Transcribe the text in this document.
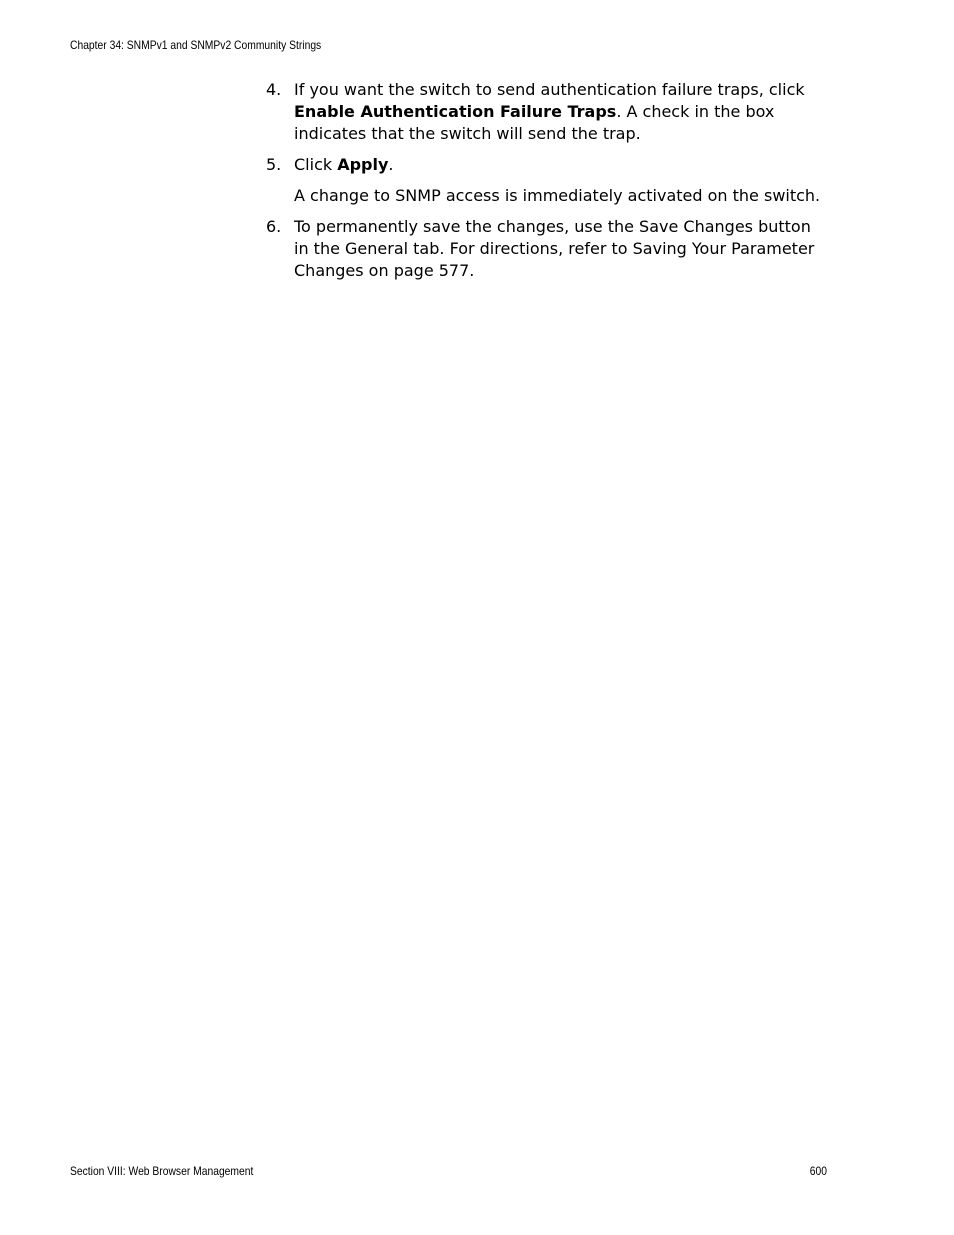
Chapter 34: SNMPv1 and SNMPv2 Community Strings
4. If you want the switch to send authentication failure traps, click Enable Authentication Failure Traps. A check in the box indicates that the switch will send the trap.
5. Click Apply.
A change to SNMP access is immediately activated on the switch.
6. To permanently save the changes, use the Save Changes button in the General tab. For directions, refer to Saving Your Parameter Changes on page 577.
Section VIII: Web Browser Management	600
